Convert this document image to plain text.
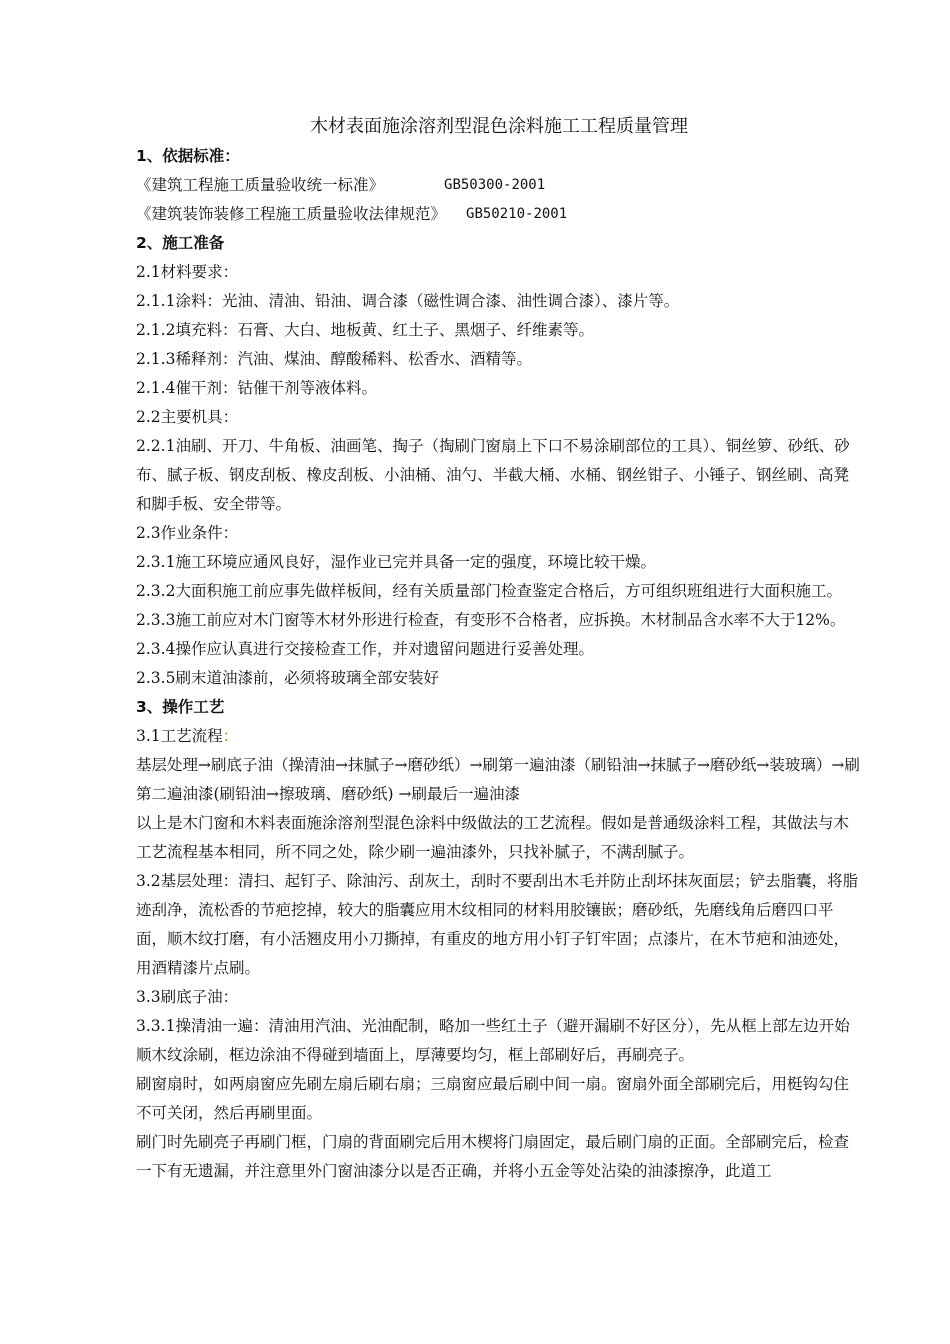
木材表面施涂溶剂型混色涂料施工工程质量管理

1、依据标准：

《建筑工程施工质量验收统一标准》	GB50300-2001

《建筑装饰装修工程施工质量验收法律规范》 GB50210-2001

2、施工准备

2.1材料要求：

2.1.1涂料：光油、清油、铅油、调合漆（磁性调合漆、油性调合漆）、漆片等。

2.1.2填充料：石膏、大白、地板黄、红土子、黑烟子、纤维素等。

2.1.3稀释剂：汽油、煤油、醇酸稀料、松香水、酒精等。

2.1.4催干剂：钴催干剂等液体料。

2.2主要机具：

2.2.1油刷、开刀、牛角板、油画笔、掏子（掏刷门窗扇上下口不易涂刷部位的工具）、铜丝箩、砂纸、砂布、腻子板、钢皮刮板、橡皮刮板、小油桶、油勺、半截大桶、水桶、钢丝钳子、小锤子、钢丝刷、高凳和脚手板、安全带等。

2.3作业条件：

2.3.1施工环境应通风良好，湿作业已完并具备一定的强度，环境比较干燥。

2.3.2大面积施工前应事先做样板间，经有关质量部门检查鉴定合格后，方可组织班组进行大面积施工。

2.3.3施工前应对木门窗等木材外形进行检查，有变形不合格者，应拆换。木材制品含水率不大于12%。

2.3.4操作应认真进行交接检查工作，并对遗留问题进行妥善处理。

2.3.5刷末道油漆前，必须将玻璃全部安装好

3、操作工艺

3.1工艺流程：

基层处理→刷底子油（操清油→抹腻子→磨砂纸）→刷第一遍油漆（刷铅油→抹腻子→磨砂纸→装玻璃）→刷第二遍油漆(刷铅油→擦玻璃、磨砂纸) →刷最后一遍油漆

以上是木门窗和木料表面施涂溶剂型混色涂料中级做法的工艺流程。假如是普通级涂料工程，其做法与木工艺流程基本相同，所不同之处，除少刷一遍油漆外，只找补腻子，不满刮腻子。

3.2基层处理：清扫、起钉子、除油污、刮灰土，刮时不要刮出木毛并防止刮坏抹灰面层；铲去脂囊，将脂迹刮净，流松香的节疤挖掉，较大的脂囊应用木纹相同的材料用胶镶嵌；磨砂纸，先磨线角后磨四口平面，顺木纹打磨，有小活翘皮用小刀撕掉，有重皮的地方用小钉子钉牢固；点漆片，在木节疤和油迹处，用酒精漆片点刷。

3.3刷底子油：

3.3.1操清油一遍：清油用汽油、光油配制，略加一些红土子（避开漏刷不好区分），先从框上部左边开始顺木纹涂刷，框边涂油不得碰到墙面上，厚薄要均匀，框上部刷好后，再刷亮子。

刷窗扇时，如两扇窗应先刷左扇后刷右扇；三扇窗应最后刷中间一扇。窗扇外面全部刷完后，用梃钩勾住不可关闭，然后再刷里面。

刷门时先刷亮子再刷门框，门扇的背面刷完后用木楔将门扇固定，最后刷门扇的正面。全部刷完后，检查一下有无遗漏，并注意里外门窗油漆分以是否正确，并将小五金等处沾染的油漆擦净，此道工
